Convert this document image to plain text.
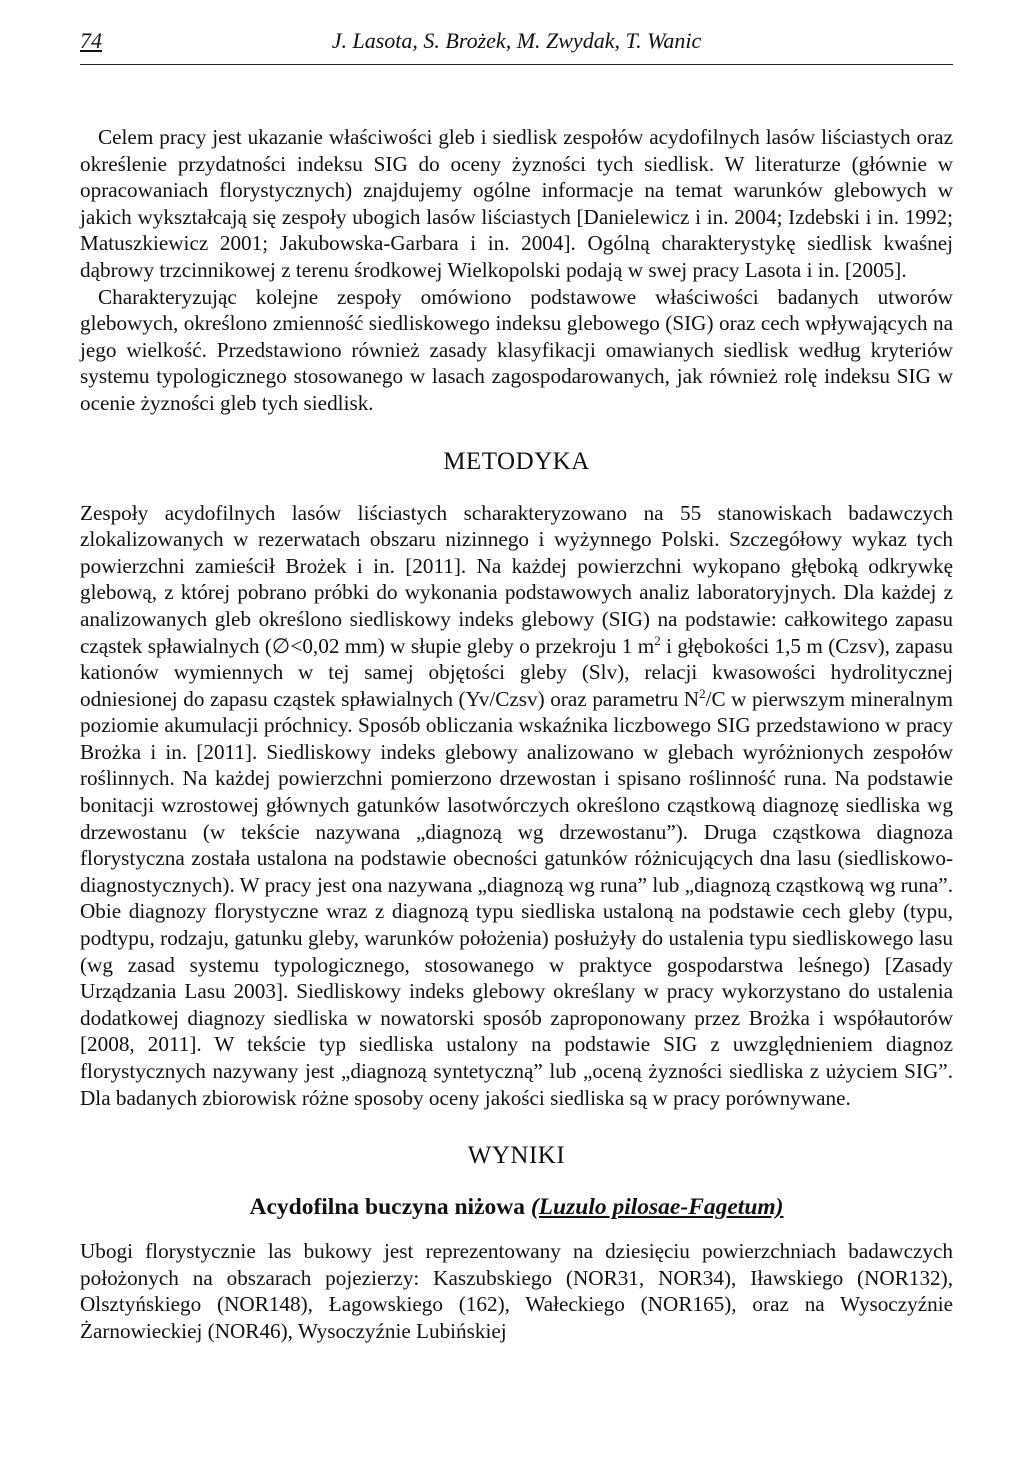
74	J. Lasota, S. Brożek, M. Zwydak, T. Wanic

Celem pracy jest ukazanie właściwości gleb i siedlisk zespołów acydofilnych lasów liściastych oraz określenie przydatności indeksu SIG do oceny żyzności tych siedlisk. W literaturze (głównie w opracowaniach florystycznych) znajdujemy ogólne informacje na temat warunków glebowych w jakich wykształcają się zespoły ubogich lasów liściastych [Danielewicz i in. 2004; Izdebski i in. 1992; Matuszkiewicz 2001; Jakubowska-Garbara i in. 2004]. Ogólną charakterystykę siedlisk kwaśnej dąbrowy trzcinnikowej z terenu środkowej Wielkopolski podają w swej pracy Lasota i in. [2005].

Charakteryzując kolejne zespoły omówiono podstawowe właściwości badanych utworów glebowych, określono zmienność siedliskowego indeksu glebowego (SIG) oraz cech wpływających na jego wielkość. Przedstawiono również zasady klasyfikacji omawianych siedlisk według kryteriów systemu typologicznego stosowanego w lasach zagospodarowanych, jak również rolę indeksu SIG w ocenie żyzności gleb tych siedlisk.

METODYKA

Zespoły acydofilnych lasów liściastych scharakteryzowano na 55 stanowiskach badawczych zlokalizowanych w rezerwatach obszaru nizinnego i wyżynnego Polski. Szczegółowy wykaz tych powierzchni zamieścił Brożek i in. [2011]. Na każdej powierzchni wykopano głęboką odkrywkę glebową, z której pobrano próbki do wykonania podstawowych analiz laboratoryjnych. Dla każdej z analizowanych gleb określono siedliskowy indeks glebowy (SIG) na podstawie: całkowitego zapasu cząstek spławialnych (∅<0,02 mm) w słupie gleby o przekroju 1 $m^2$ i głębokości 1,5 m (Czsv), zapasu kationów wymiennych w tej samej objętości gleby (Slv), relacji kwasowości hydrolitycznej odniesionej do zapasu cząstek spławialnych (Yv/Czsv) oraz parametru $N^2/C$ w pierwszym mineralnym poziomie akumulacji próchnicy. Sposób obliczania wskaźnika liczbowego SIG przedstawiono w pracy Brożka i in. [2011]. Siedliskowy indeks glebowy analizowano w glebach wyróżnionych zespołów roślinnych. Na każdej powierzchni pomierzono drzewostan i spisano roślinność runa. Na podstawie bonitacji wzrostowej głównych gatunków lasotwórczych określono cząstkową diagnozę siedliska wg drzewostanu (w tekście nazywana „diagnozą wg drzewostanu”). Druga cząstkowa diagnoza florystyczna została ustalona na podstawie obecności gatunków różnicujących dna lasu (siedliskowo-diagnostycznych). W pracy jest ona nazywana „diagnozą wg runa” lub „diagnozą cząstkową wg runa”. Obie diagnozy florystyczne wraz z diagnozą typu siedliska ustaloną na podstawie cech gleby (typu, podtypu, rodzaju, gatunku gleby, warunków położenia) posłużyły do ustalenia typu siedliskowego lasu (wg zasad systemu typologicznego, stosowanego w praktyce gospodarstwa leśnego) [Zasady Urządzania Lasu 2003]. Siedliskowy indeks glebowy określany w pracy wykorzystano do ustalenia dodatkowej diagnozy siedliska w nowatorski sposób zaproponowany przez Brożka i współautorów [2008, 2011]. W tekście typ siedliska ustalony na podstawie SIG z uwzględnieniem diagnoz florystycznych nazywany jest „diagnozą syntetyczną” lub „oceną żyzności siedliska z użyciem SIG”. Dla badanych zbiorowisk różne sposoby oceny jakości siedliska są w pracy porównywane.

WYNIKI
Acydofilna buczyna niżowa (Luzulo pilosae-Fagetum)

Ubogi florystycznie las bukowy jest reprezentowany na dziesięciu powierzchniach badawczych położonych na obszarach pojezierzy: Kaszubskiego (NOR31, NOR34), Iławskiego (NOR132), Olsztyńskiego (NOR148), Łagowskiego (162), Wałeckiego (NOR165), oraz na Wysoczyźnie Żarnowieckiej (NOR46), Wysoczyźnie Lubińskiej
